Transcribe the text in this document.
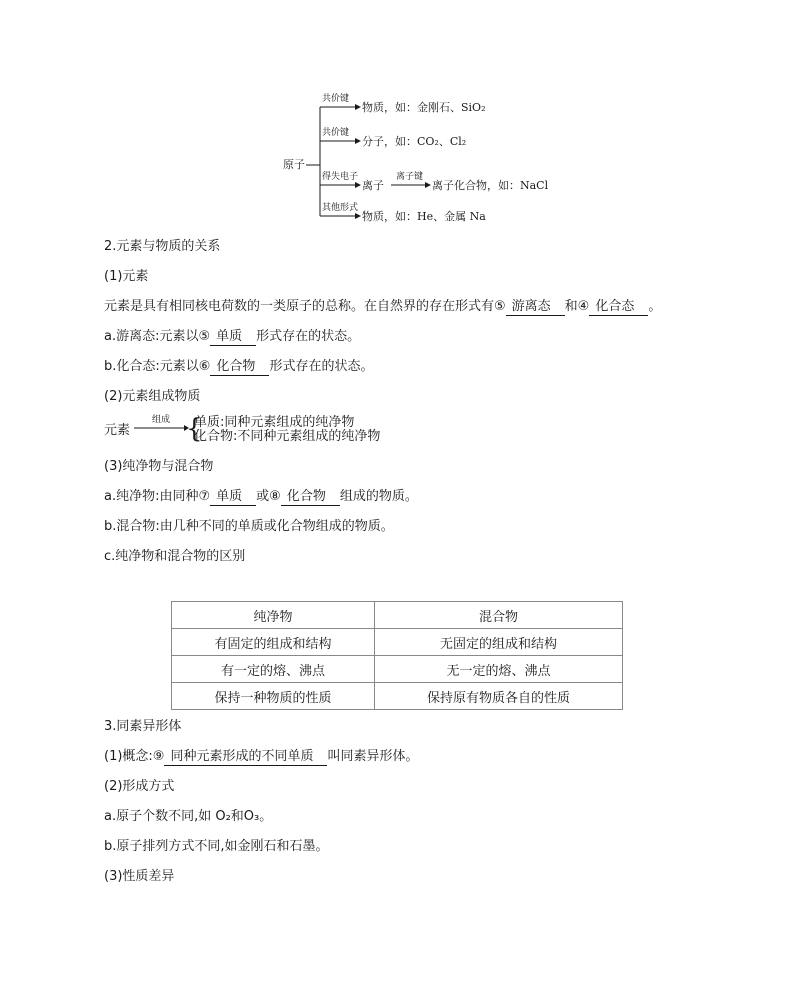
原子
共价键
物质，如：金刚石、SiO₂
共价键
分子，如：CO₂、Cl₂
得失电子
离子
离子键
离子化合物，如：NaCl
其他形式
物质，如：He、金属 Na
2.元素与物质的关系
(1)元素
元素是具有相同核电荷数的一类原子的总称。在自然界的存在形式有⑤ 游离态 和④ 化合态 。
a.游离态:元素以⑤ 单质 形式存在的状态。
b.化合态:元素以⑥ 化合物 形式存在的状态。
(2)元素组成物质
元素
组成 {
单质:同种元素组成的纯净物
化合物:不同种元素组成的纯净物
(3)纯净物与混合物
a.纯净物:由同种⑦ 单质 或⑧ 化合物 组成的物质。
b.混合物:由几种不同的单质或化合物组成的物质。
c.纯净物和混合物的区别
纯净物	混合物
有固定的组成和结构	无固定的组成和结构
有一定的熔、沸点	无一定的熔、沸点
保持一种物质的性质	保持原有物质各自的性质
3.同素异形体
(1)概念:⑨ 同种元素形成的不同单质 叫同素异形体。
(2)形成方式
a.原子个数不同,如 O₂和O₃。
b.原子排列方式不同,如金刚石和石墨。
(3)性质差异
